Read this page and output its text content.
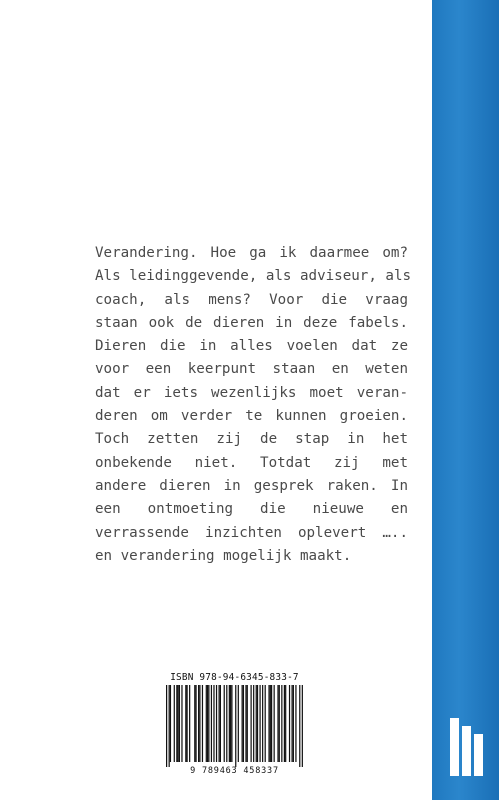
Verandering. Hoe ga ik daarmee om?
Als leidinggevende, als adviseur, als
coach, als mens? Voor die vraag
staan ook de dieren in deze fabels.
Dieren die in alles voelen dat ze
voor een keerpunt staan en weten
dat er iets wezenlijks moet veran-
deren om verder te kunnen groeien.
Toch zetten zij de stap in het
onbekende niet. Totdat zij met
andere dieren in gesprek raken. In
een ontmoeting die nieuwe en
verrassende inzichten oplevert …..
en verandering mogelijk maakt.
ISBN 978-94-6345-833-7
9 789463 458337
